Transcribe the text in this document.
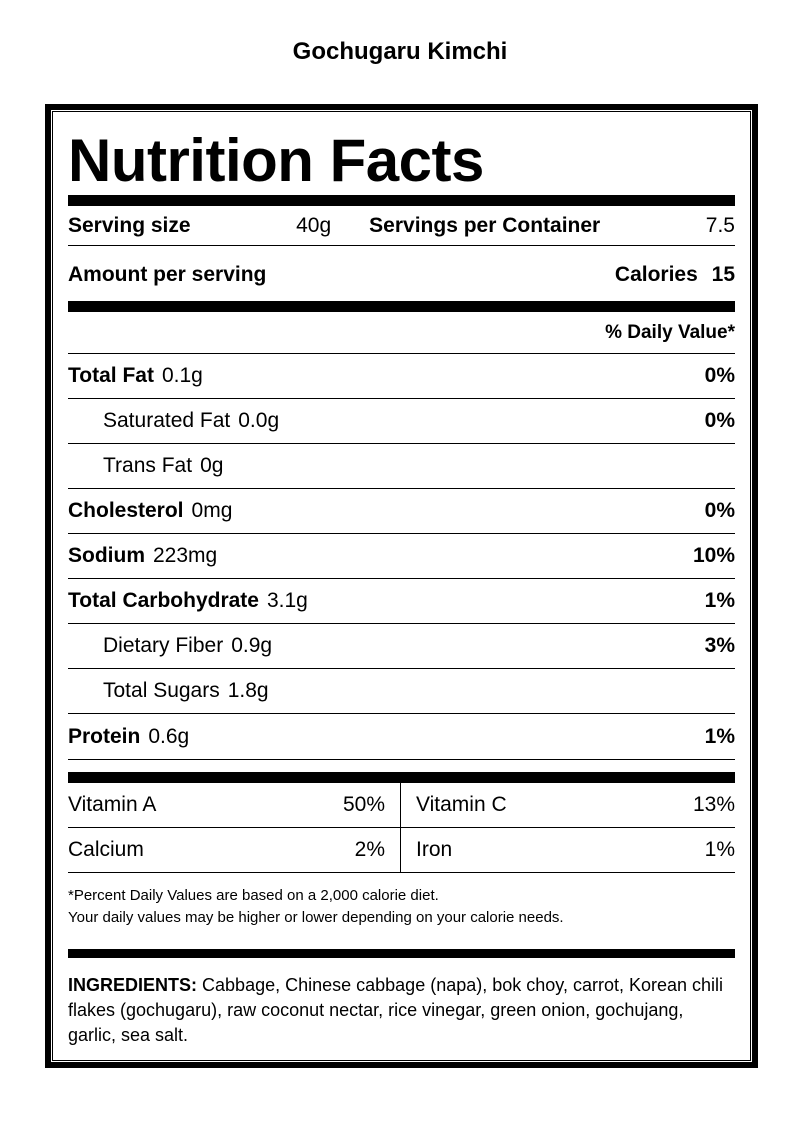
Gochugaru Kimchi
Nutrition Facts
Serving size	40g Servings per Container	7.5
Amount per serving	Calories 15
% Daily Value*
Total Fat 0.1g	0%
Saturated Fat 0.0g	0%
Trans Fat 0g
Cholesterol 0mg	0%
Sodium 223mg	10%
Total Carbohydrate 3.1g	1%
Dietary Fiber 0.9g	3%
Total Sugars 1.8g
Protein 0.6g	1%
Vitamin A	50% Vitamin C	13%
Calcium	2% Iron	1%
*Percent Daily Values are based on a 2,000 calorie diet.
Your daily values may be higher or lower depending on your calorie needs.
INGREDIENTS: Cabbage, Chinese cabbage (napa), bok choy, carrot, Korean chili flakes (gochugaru), raw coconut nectar, rice vinegar, green onion, gochujang, garlic, sea salt.
